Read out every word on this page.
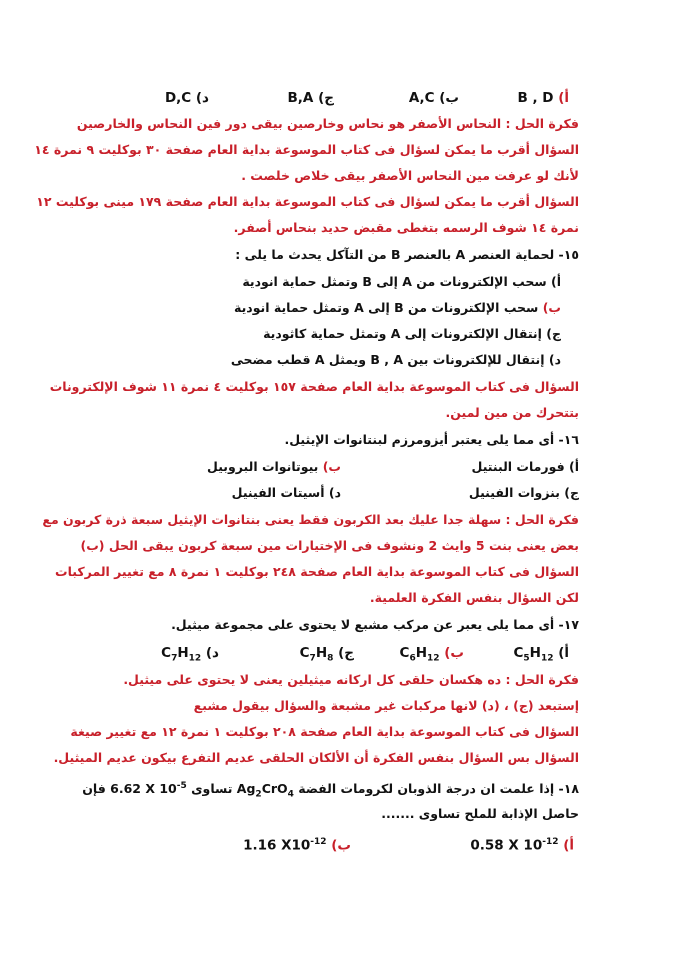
أ) B , D
ب) A,C
ج) B,A
د) D,C
فكرة الحل : النحاس الأصفر هو نحاس وخارصين بيقى دور فين النحاس والخارصين
السؤال أقرب ما يمكن لسؤال فى كتاب الموسوعة بداية العام صفحة ٣٠ بوكليت ٩ نمرة ١٤
لأنك لو عرفت مين النحاس الأصفر بيقى خلاص خلصت .
السؤال أقرب ما يمكن لسؤال فى كتاب الموسوعة بداية العام صفحة ١٧٩ مينى بوكليت ١٢
نمرة ١٤ شوف الرسمه بتغطى مقبض حديد بنحاس أصفر.
١٥- لحماية العنصر A بالعنصر B من التآكل يحدث ما يلى :
أ) سحب الإلكترونات من A إلى B وتمثل حماية انودية
ب) سحب الإلكترونات من B إلى A وتمثل حماية انودية
ج) إنتقال الإلكترونات إلى A وتمثل حماية كاثودية
د) إنتقال للإلكترونات بين B , A ويمثل A قطب مضحى
السؤال فى كتاب الموسوعة بداية العام صفحة ١٥٧ بوكليت ٤ نمرة ١١ شوف الإلكترونات
بتتحرك من مين لمين.
١٦- أى مما يلى يعتبر أيزومرزم لبنتانوات الإيثيل.
أ) فورمات البنتيل
ب) بيوتانوات البروبيل
ج) بنزوات الفينيل
د) أسيتات الفينيل
فكرة الحل : سهلة جدا عليك بعد الكربون فقط يعنى بنتانوات الإيثيل سبعة ذرة كربون مع
بعض يعنى بنت 5 وايث 2 ونشوف فى الإختيارات مين سبعة كربون يبقى الحل (ب)
السؤال فى كتاب الموسوعة بداية العام صفحة ٢٤٨ بوكليت ١ نمرة ٨ مع تغيير المركبات
لكن السؤال بنفس الفكرة العلمية.
١٧- أى مما يلى يعبر عن مركب مشبع لا يحتوى على مجموعة ميثيل.
أ) $C_5H_{12}$
ب) $C_6H_{12}$
ج) $C_7H_8$
د) $C_7H_{12}$
فكرة الحل : ده هكسان حلقى كل اركانه ميثيلين يعنى لا يحتوى على ميثيل.
إستبعد (ج) ، (د) لانها مركبات غير مشبعة والسؤال بيقول مشبع
السؤال فى كتاب الموسوعة بداية العام صفحة ٢٠٨ بوكليت ١ نمرة ١٢ مع تغيير صيغة
السؤال بس السؤال بنفس الفكرة أن الألكان الحلقى عديم التفرع بيكون عديم الميثيل.
١٨- إذا علمت ان درجة الذوبان لكرومات الفضة $Ag_2CrO_4$ تساوى 6.62 X $10^{-5}$ فإن
حاصل الإذابة للملح تساوى .......
أ) 0.58 X $10^{-12}$
ب) 1.16 $X10^{-12}$
